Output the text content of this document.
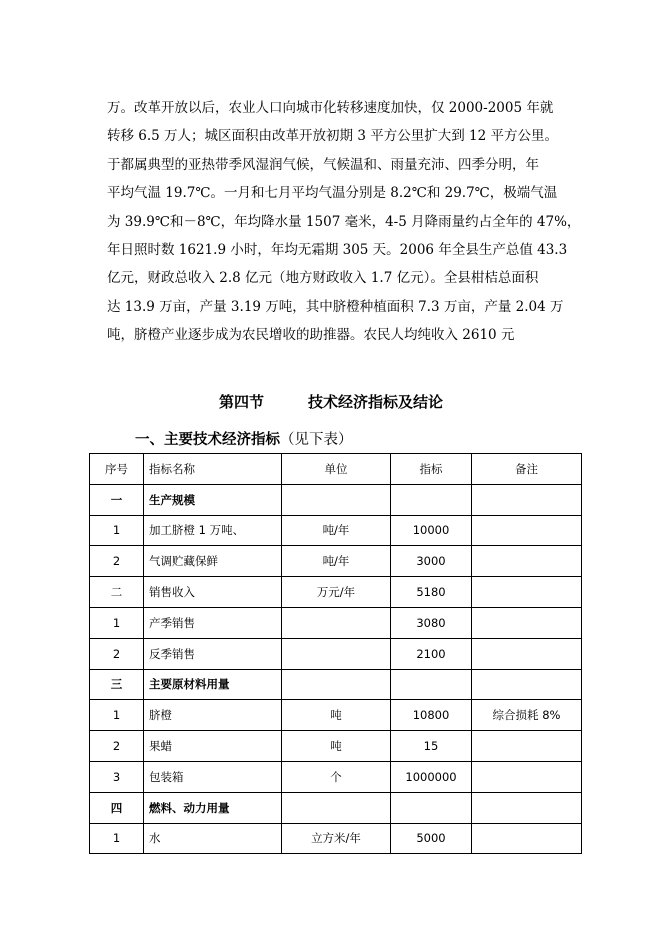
万。改革开放以后，农业人口向城市化转移速度加快，仅 2000-2005 年就
转移 6.5 万人；城区面积由改革开放初期 3 平方公里扩大到 12 平方公里。
于都属典型的亚热带季风湿润气候，气候温和、雨量充沛、四季分明，年
平均气温 19.7℃。一月和七月平均气温分别是 8.2℃和 29.7℃，极端气温
为 39.9℃和－8℃，年均降水量 1507 毫米，4-5 月降雨量约占全年的 47%，
年日照时数 1621.9 小时，年均无霜期 305 天。2006 年全县生产总值 43.3
亿元，财政总收入 2.8 亿元（地方财政收入 1.7 亿元）。全县柑桔总面积
达 13.9 万亩，产量 3.19 万吨，其中脐橙种植面积 7.3 万亩，产量 2.04 万
吨，脐橙产业逐步成为农民增收的助推器。农民人均纯收入 2610 元
第四节	技术经济指标及结论
一、主要技术经济指标（见下表）
序号	指标名称	单位	指标	备注
一	生产规模			
1	加工脐橙 1 万吨、	吨/年	10000	
2	气调贮藏保鲜	吨/年	3000	
二	销售收入	万元/年	5180	
1	产季销售		3080	
2	反季销售		2100	
三	主要原材料用量			
1	脐橙	吨	10800	综合损耗 8%
2	果蜡	吨	15	
3	包装箱	个	1000000	
四	燃料、动力用量			
1	水	立方米/年	5000	
